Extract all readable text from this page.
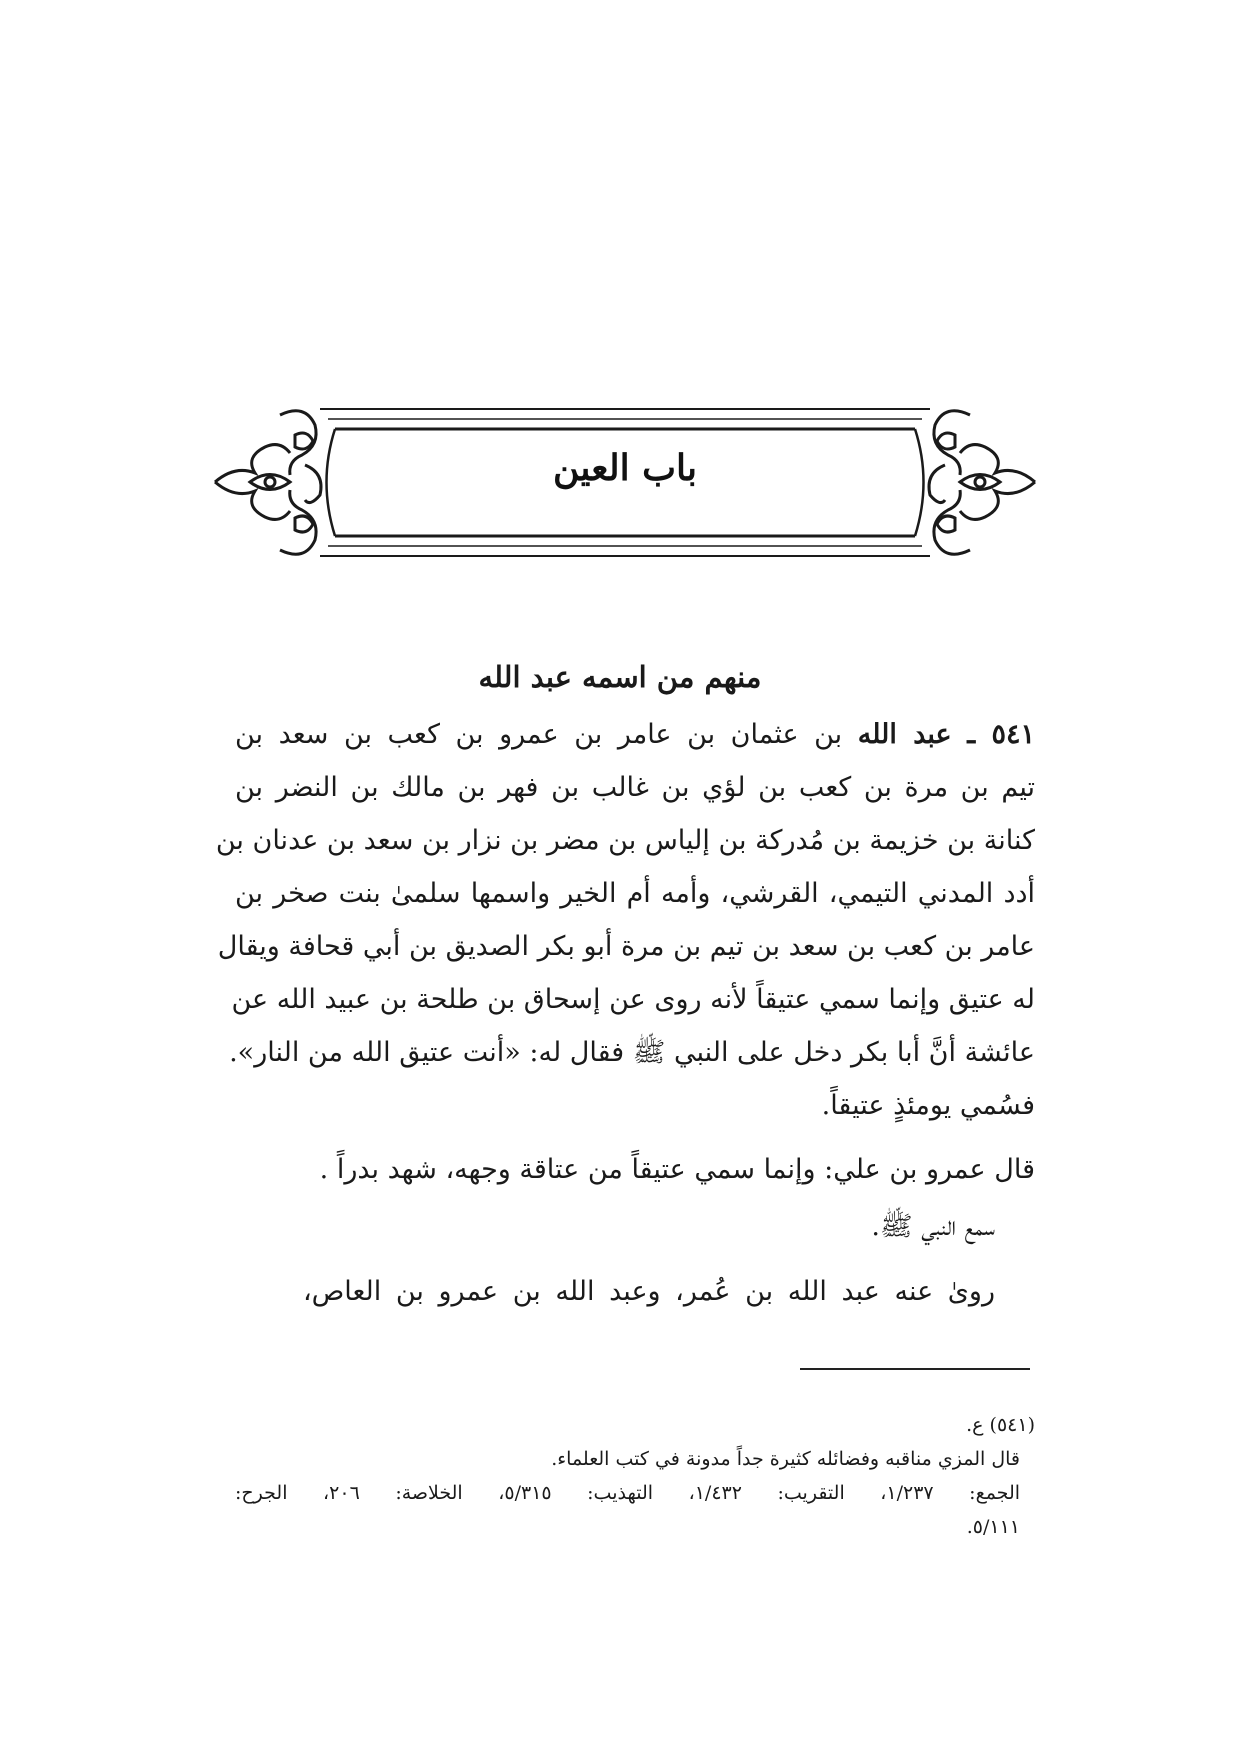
باب العين
منهم من اسمه عبد الله
٥٤١ ـ عبد الله بن عثمان بن عامر بن عمرو بن كعب بن سعد بن
تيم بن مرة بن كعب بن لؤي بن غالب بن فهر بن مالك بن النضر بن
كنانة بن خزيمة بن مُدركة بن إلياس بن مضر بن نزار بن سعد بن عدنان بن
أدد المدني التيمي، القرشي، وأمه أم الخير واسمها سلمىٰ بنت صخر بن
عامر بن كعب بن سعد بن تيم بن مرة أبو بكر الصديق بن أبي قحافة ويقال
له عتيق وإنما سمي عتيقاً لأنه روى عن إسحاق بن طلحة بن عبيد الله عن
عائشة أنَّ أبا بكر دخل على النبي ﷺ فقال له: «أنت عتيق الله من النار».
فسُمي يومئذٍ عتيقاً.
قال عمرو بن علي: وإنما سمي عتيقاً من عتاقة وجهه، شهد بدراً .
سمع النبي ﷺ.
روىٰ عنه عبد الله بن عُمر، وعبد الله بن عمرو بن العاص،
(٥٤١) ع.
قال المزي مناقبه وفضائله كثيرة جداً مدونة في كتب العلماء.
الجمع: ١/٢٣٧، التقريب: ١/٤٣٢، التهذيب: ٥/٣١٥، الخلاصة: ٢٠٦، الجرح:
٥/١١١.
